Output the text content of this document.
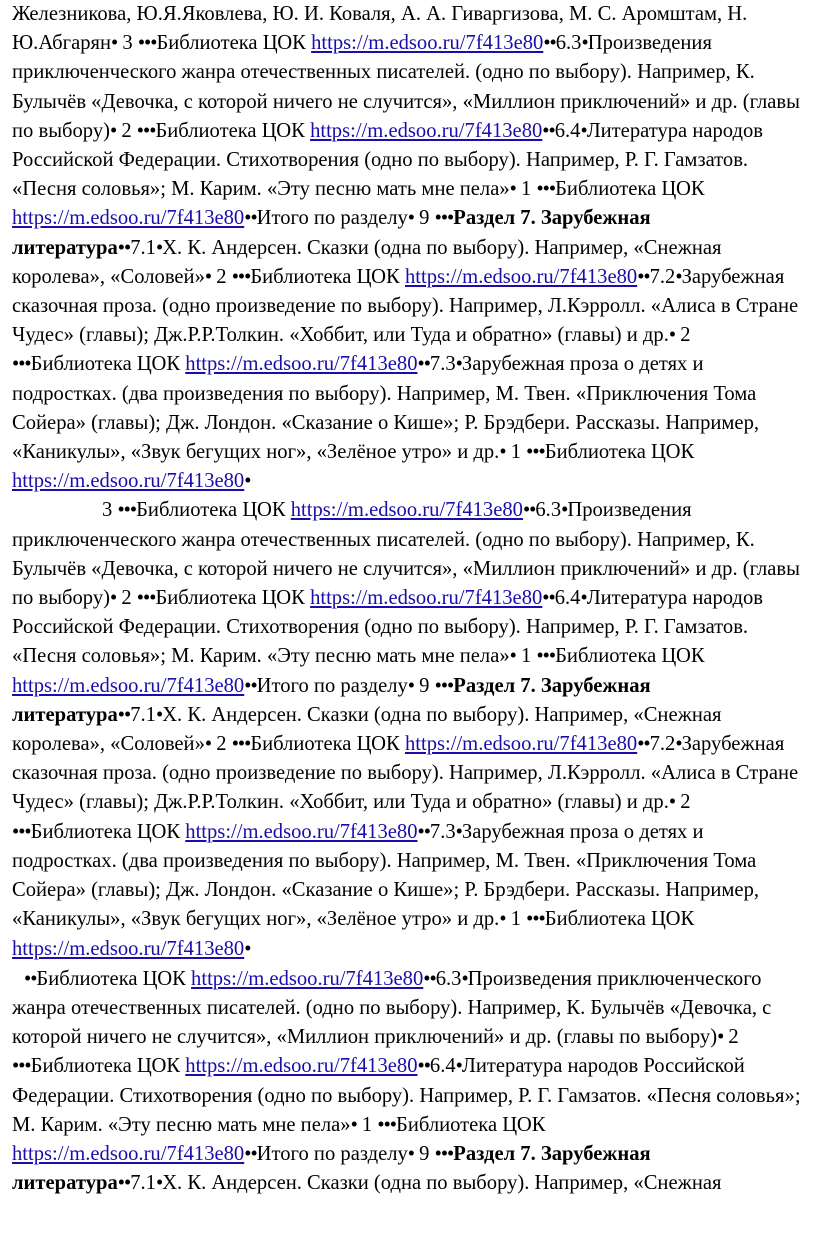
Железникова, Ю.Я.Яковлева, Ю. И. Коваля, А. А. Гиваргизова, М. С. Аромштам, Н. Ю.Абгарян• 3 •••Библиотека ЦОК https://m.edsoo.ru/7f413e80••6.3•Произведения приключенческого жанра отечественных писателей. (одно по выбору). Например, К. Булычёв «Девочка, с которой ничего не случится», «Миллион приключений» и др. (главы по выбору)• 2 •••Библиотека ЦОК https://m.edsoo.ru/7f413e80••6.4•Литература народов Российской Федерации. Стихотворения (одно по выбору). Например, Р. Г. Гамзатов. «Песня соловья»; М. Карим. «Эту песню мать мне пела»• 1 •••Библиотека ЦОК https://m.edsoo.ru/7f413e80••Итого по разделу• 9 •••Раздел 7. Зарубежная литература••7.1•Х. К. Андерсен. Сказки (одна по выбору). Например, «Снежная королева», «Соловей»• 2 •••Библиотека ЦОК https://m.edsoo.ru/7f413e80••7.2•Зарубежная сказочная проза. (одно произведение по выбору). Например, Л.Кэрролл. «Алиса в Стране Чудес» (главы); Дж.Р.Р.Толкин. «Хоббит, или Туда и обратно» (главы) и др.• 2 •••Библиотека ЦОК https://m.edsoo.ru/7f413e80••7.3•Зарубежная проза о детях и подростках. (два произведения по выбору). Например, М. Твен. «Приключения Тома Сойера» (главы); Дж. Лондон. «Сказание о Кише»; Р. Брэдбери. Рассказы. Например, «Каникулы», «Звук бегущих ног», «Зелёное утро» и др.• 1 •••Библиотека ЦОК https://m.edsoo.ru/7f413e80•

3 •••Библиотека ЦОК https://m.edsoo.ru/7f413e80••6.3•Произведения приключенческого жанра отечественных писателей. (одно по выбору). Например, К. Булычёв «Девочка, с которой ничего не случится», «Миллион приключений» и др. (главы по выбору)• 2 •••Библиотека ЦОК https://m.edsoo.ru/7f413e80••6.4•Литература народов Российской Федерации. Стихотворения (одно по выбору). Например, Р. Г. Гамзатов. «Песня соловья»; М. Карим. «Эту песню мать мне пела»• 1 •••Библиотека ЦОК https://m.edsoo.ru/7f413e80••Итого по разделу• 9 •••Раздел 7. Зарубежная литература••7.1•Х. К. Андерсен. Сказки (одна по выбору). Например, «Снежная королева», «Соловей»• 2 •••Библиотека ЦОК https://m.edsoo.ru/7f413e80••7.2•Зарубежная сказочная проза. (одно произведение по выбору). Например, Л.Кэрролл. «Алиса в Стране Чудес» (главы); Дж.Р.Р.Толкин. «Хоббит, или Туда и обратно» (главы) и др.• 2 •••Библиотека ЦОК https://m.edsoo.ru/7f413e80••7.3•Зарубежная проза о детях и подростках. (два произведения по выбору). Например, М. Твен. «Приключения Тома Сойера» (главы); Дж. Лондон. «Сказание о Кише»; Р. Брэдбери. Рассказы. Например, «Каникулы», «Звук бегущих ног», «Зелёное утро» и др.• 1 •••Библиотека ЦОК https://m.edsoo.ru/7f413e80•

••Библиотека ЦОК https://m.edsoo.ru/7f413e80••6.3•Произведения приключенческого жанра отечественных писателей. (одно по выбору). Например, К. Булычёв «Девочка, с которой ничего не случится», «Миллион приключений» и др. (главы по выбору)• 2 •••Библиотека ЦОК https://m.edsoo.ru/7f413e80••6.4•Литература народов Российской Федерации. Стихотворения (одно по выбору). Например, Р. Г. Гамзатов. «Песня соловья»; М. Карим. «Эту песню мать мне пела»• 1 •••Библиотека ЦОК https://m.edsoo.ru/7f413e80••Итого по разделу• 9 •••Раздел 7. Зарубежная литература••7.1•Х. К. Андерсен. Сказки (одна по выбору). Например, «Снежная
